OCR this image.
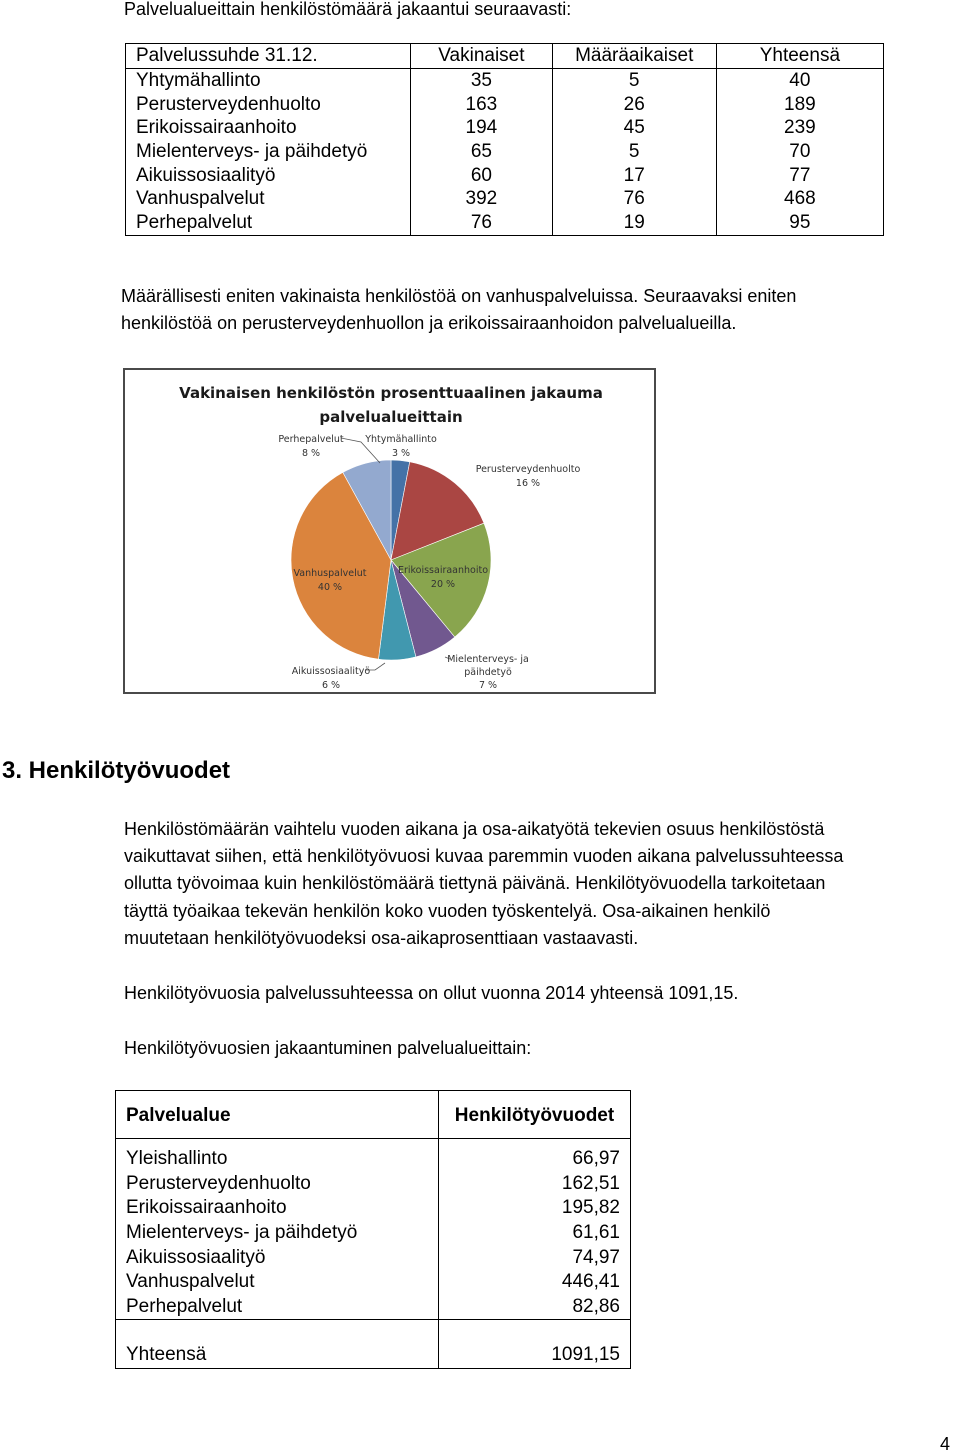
Palvelualueittain henkilöstömäärä jakaantui seuraavasti:

Palvelussuhde 31.12.	Vakinaiset	Määräaikaiset	Yhteensä
Yhtymähallinto	35	5	40
Perusterveydenhuolto	163	26	189
Erikoissairaanhoito	194	45	239
Mielenterveys- ja päihdetyö	65	5	70
Aikuissosiaalityö	60	17	77
Vanhuspalvelut	392	76	468
Perhepalvelut	76	19	95

Määrällisesti eniten vakinaista henkilöstöä on vanhuspalveluissa. Seuraavaksi eniten

henkilöstöä on perusterveydenhuollon ja erikoissairaanhoidon palvelualueilla.

Vakinaisen henkilöstön prosenttuaalinen jakauma
palvelualueittain
Perhepalvelut
8 %
Yhtymähallinto
3 %
Perusterveydenhuolto
16 %
Erikoissairaanhoito
20 %
Vanhuspalvelut
40 %
Aikuissosiaalityö
6 %
Mielenterveys- ja
päihdetyö
7 %
3. Henkilötyövuodet

Henkilöstömäärän vaihtelu vuoden aikana ja osa-aikatyötä tekevien osuus henkilöstöstä

vaikuttavat siihen, että henkilötyövuosi kuvaa paremmin vuoden aikana palvelussuhteessa

ollutta työvoimaa kuin henkilöstömäärä tiettynä päivänä. Henkilötyövuodella tarkoitetaan

täyttä työaikaa tekevän henkilön koko vuoden työskentelyä. Osa-aikainen henkilö

muutetaan henkilötyövuodeksi osa-aikaprosenttiaan vastaavasti.

Henkilötyövuosia palvelussuhteessa on ollut vuonna 2014 yhteensä 1091,15.

Henkilötyövuosien jakaantuminen palvelualueittain:

Palvelualue	Henkilötyövuodet
Yleishallinto	66,97
Perusterveydenhuolto	162,51
Erikoissairaanhoito	195,82
Mielenterveys- ja päihdetyö	61,61
Aikuissosiaalityö	74,97
Vanhuspalvelut	446,41
Perhepalvelut	82,86
Yhteensä	1091,15
4
